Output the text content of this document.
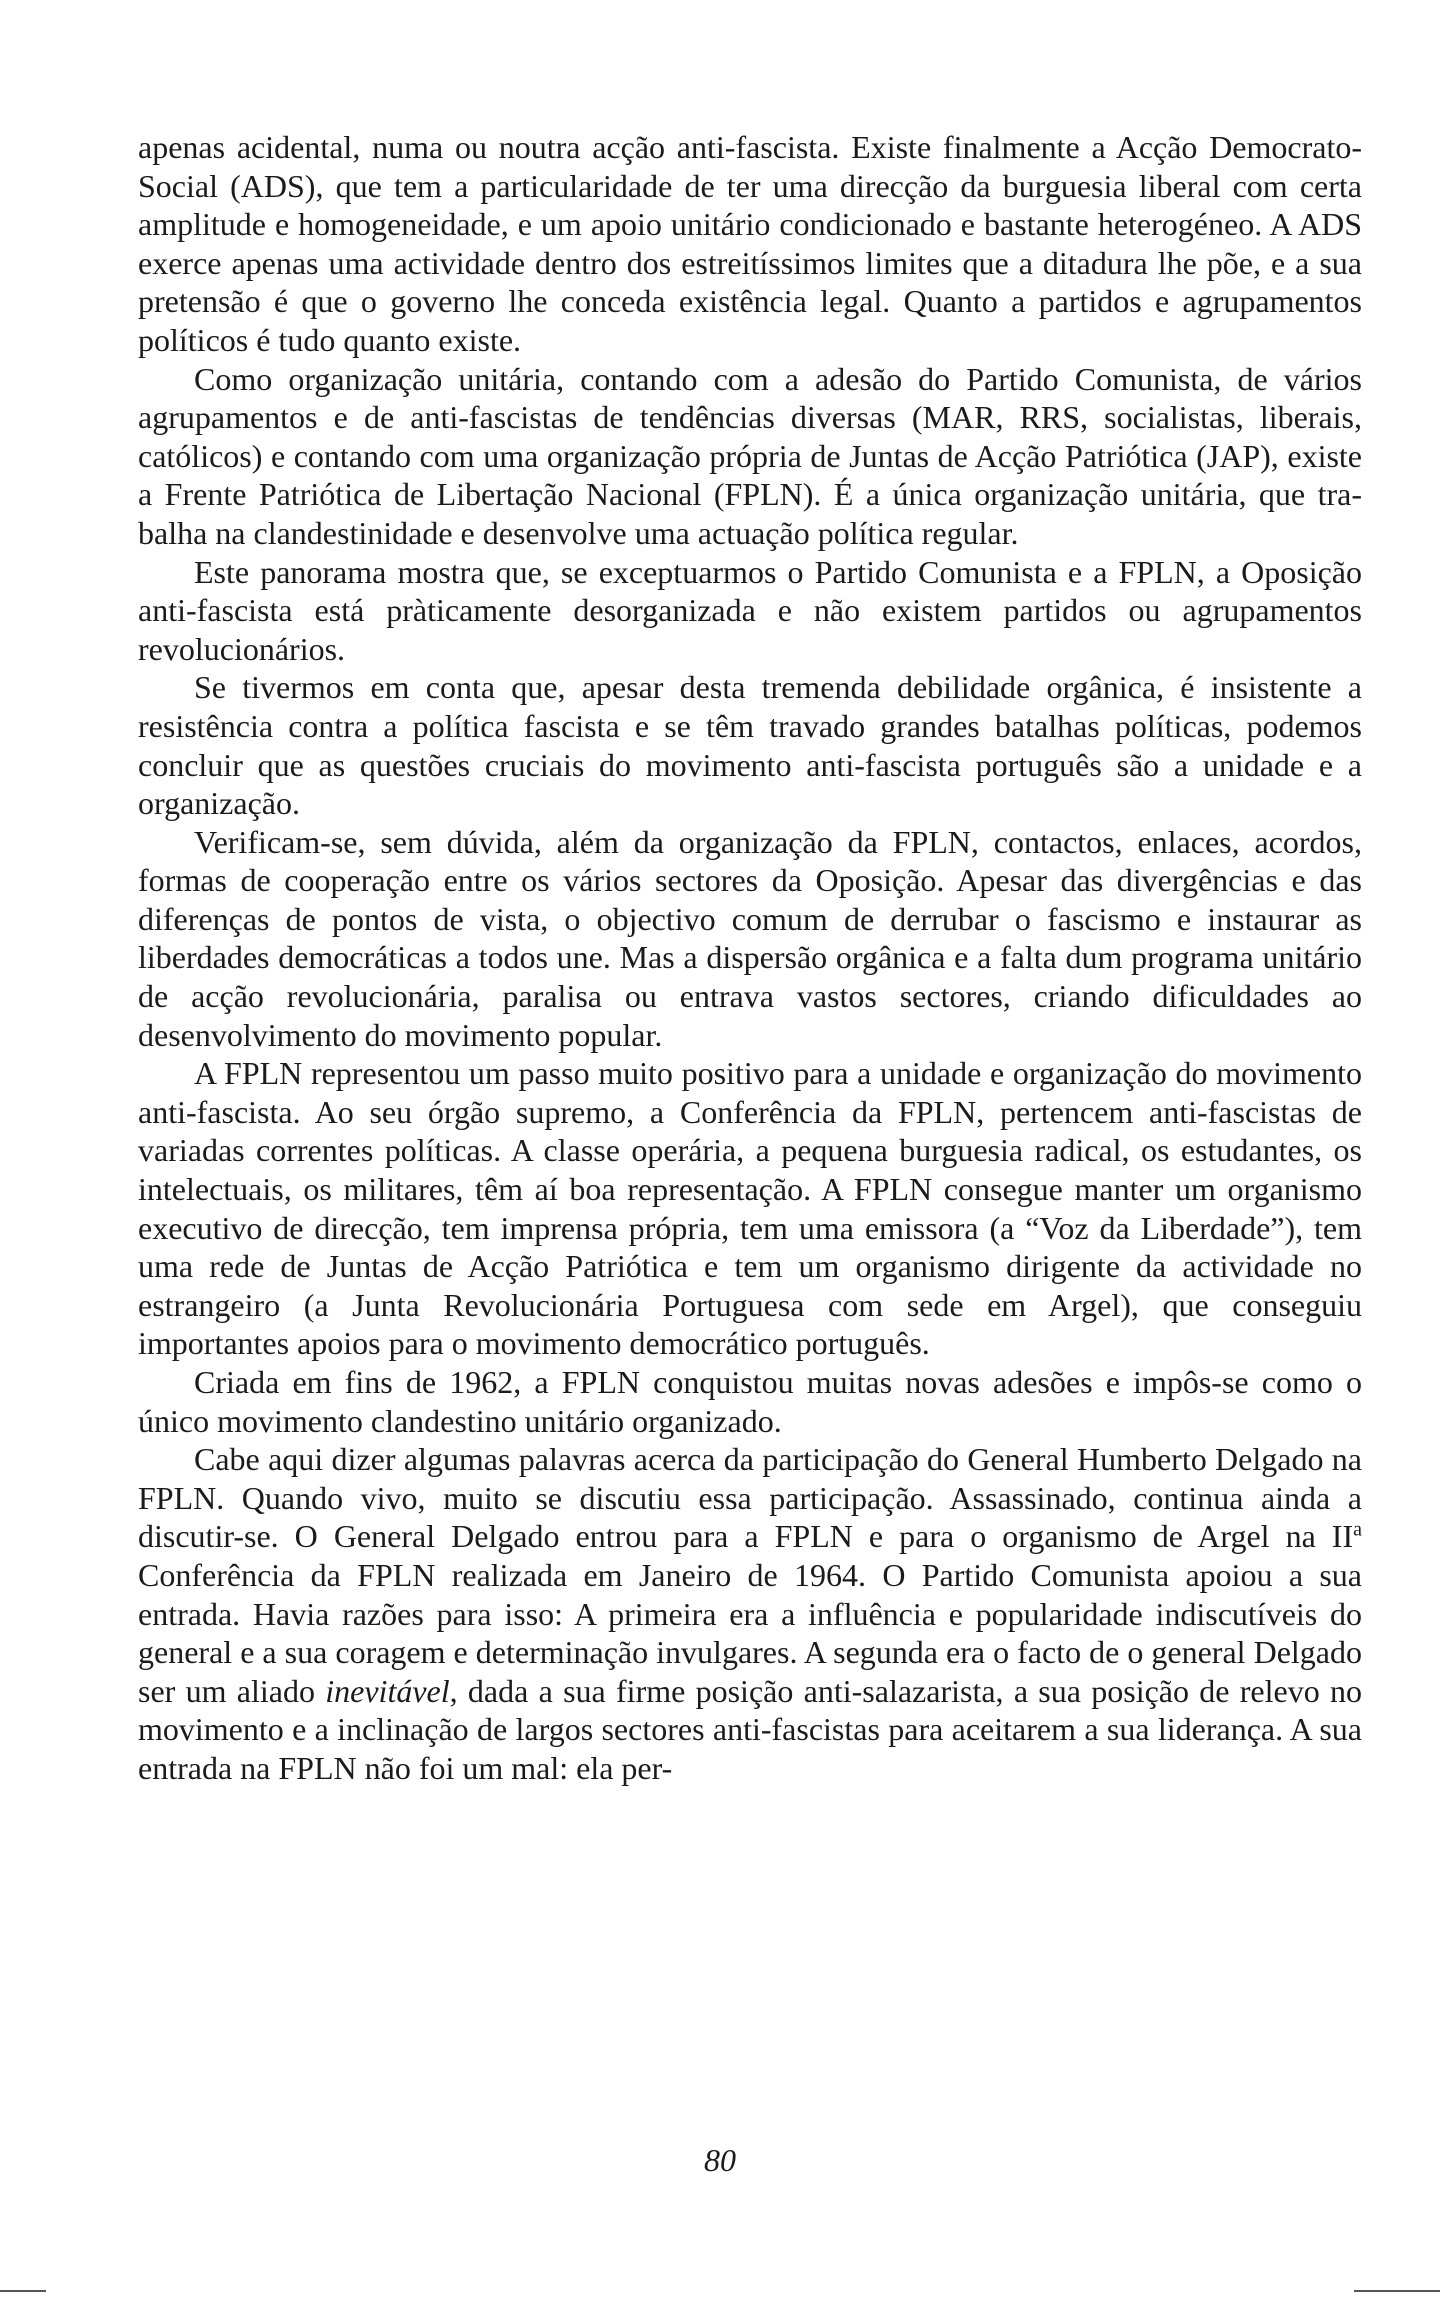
apenas acidental, numa ou noutra acção anti-fascista. Existe finalmente a Acção Democrato-Social (ADS), que tem a particularidade de ter uma direcção da burguesia liberal com certa amplitude e homogeneidade, e um apoio unitário condicionado e bastante heterogéneo. A ADS exerce apenas uma actividade dentro dos estreitíssimos limites que a ditadura lhe põe, e a sua pretensão é que o governo lhe conceda existência legal. Quanto a partidos e agrupamentos políticos é tudo quanto existe.

Como organização unitária, contando com a adesão do Partido Comunista, de vários agrupamentos e de anti-fascistas de tendências diversas (MAR, RRS, socialistas, liberais, católicos) e contando com uma organização própria de Juntas de Acção Patriótica (JAP), existe a Frente Patriótica de Libertação Nacional (FPLN). É a única organização unitária, que trabalha na clandestinidade e desenvolve uma actuação política regular.

Este panorama mostra que, se exceptuarmos o Partido Comunista e a FPLN, a Oposição anti-fascista está pràticamente desorganizada e não existem partidos ou agrupamentos revolucionários.

Se tivermos em conta que, apesar desta tremenda debilidade orgânica, é insistente a resistência contra a política fascista e se têm travado grandes batalhas políticas, podemos concluir que as questões cruciais do movimento anti-fascista português são a unidade e a organização.

Verificam-se, sem dúvida, além da organização da FPLN, contactos, enlaces, acordos, formas de cooperação entre os vários sectores da Oposição. Apesar das divergências e das diferenças de pontos de vista, o objectivo comum de derrubar o fascismo e instaurar as liberdades democráticas a todos une. Mas a dispersão orgânica e a falta dum programa unitário de acção revolucionária, paralisa ou entrava vastos sectores, criando dificuldades ao desenvolvimento do movimento popular.

A FPLN representou um passo muito positivo para a unidade e organização do movimento anti-fascista. Ao seu órgão supremo, a Conferência da FPLN, pertencem anti-fascistas de variadas correntes políticas. A classe operária, a pequena burguesia radical, os estudantes, os intelectuais, os militares, têm aí boa representação. A FPLN consegue manter um organismo executivo de direcção, tem imprensa própria, tem uma emissora (a “Voz da Liberdade”), tem uma rede de Juntas de Acção Patriótica e tem um organismo dirigente da actividade no estrangeiro (a Junta Revolucionária Portuguesa com sede em Argel), que conseguiu importantes apoios para o movimento democrático português.

Criada em fins de 1962, a FPLN conquistou muitas novas adesões e impôs-se como o único movimento clandestino unitário organizado.

Cabe aqui dizer algumas palavras acerca da participação do General Humberto Delgado na FPLN. Quando vivo, muito se discutiu essa participação. Assassinado, continua ainda a discutir-se. O General Delgado entrou para a FPLN e para o organismo de Argel na $II^a$ Conferência da FPLN realizada em Janeiro de 1964. O Partido Comunista apoiou a sua entrada. Havia razões para isso: A primeira era a influência e popularidade indiscutíveis do general e a sua coragem e determinação invulgares. A segunda era o facto de o general Delgado ser um aliado inevitável, dada a sua firme posição anti-salazarista, a sua posição de relevo no movimento e a inclinação de largos sectores anti-fascistas para aceitarem a sua liderança. A sua entrada na FPLN não foi um mal: ela per-

80
